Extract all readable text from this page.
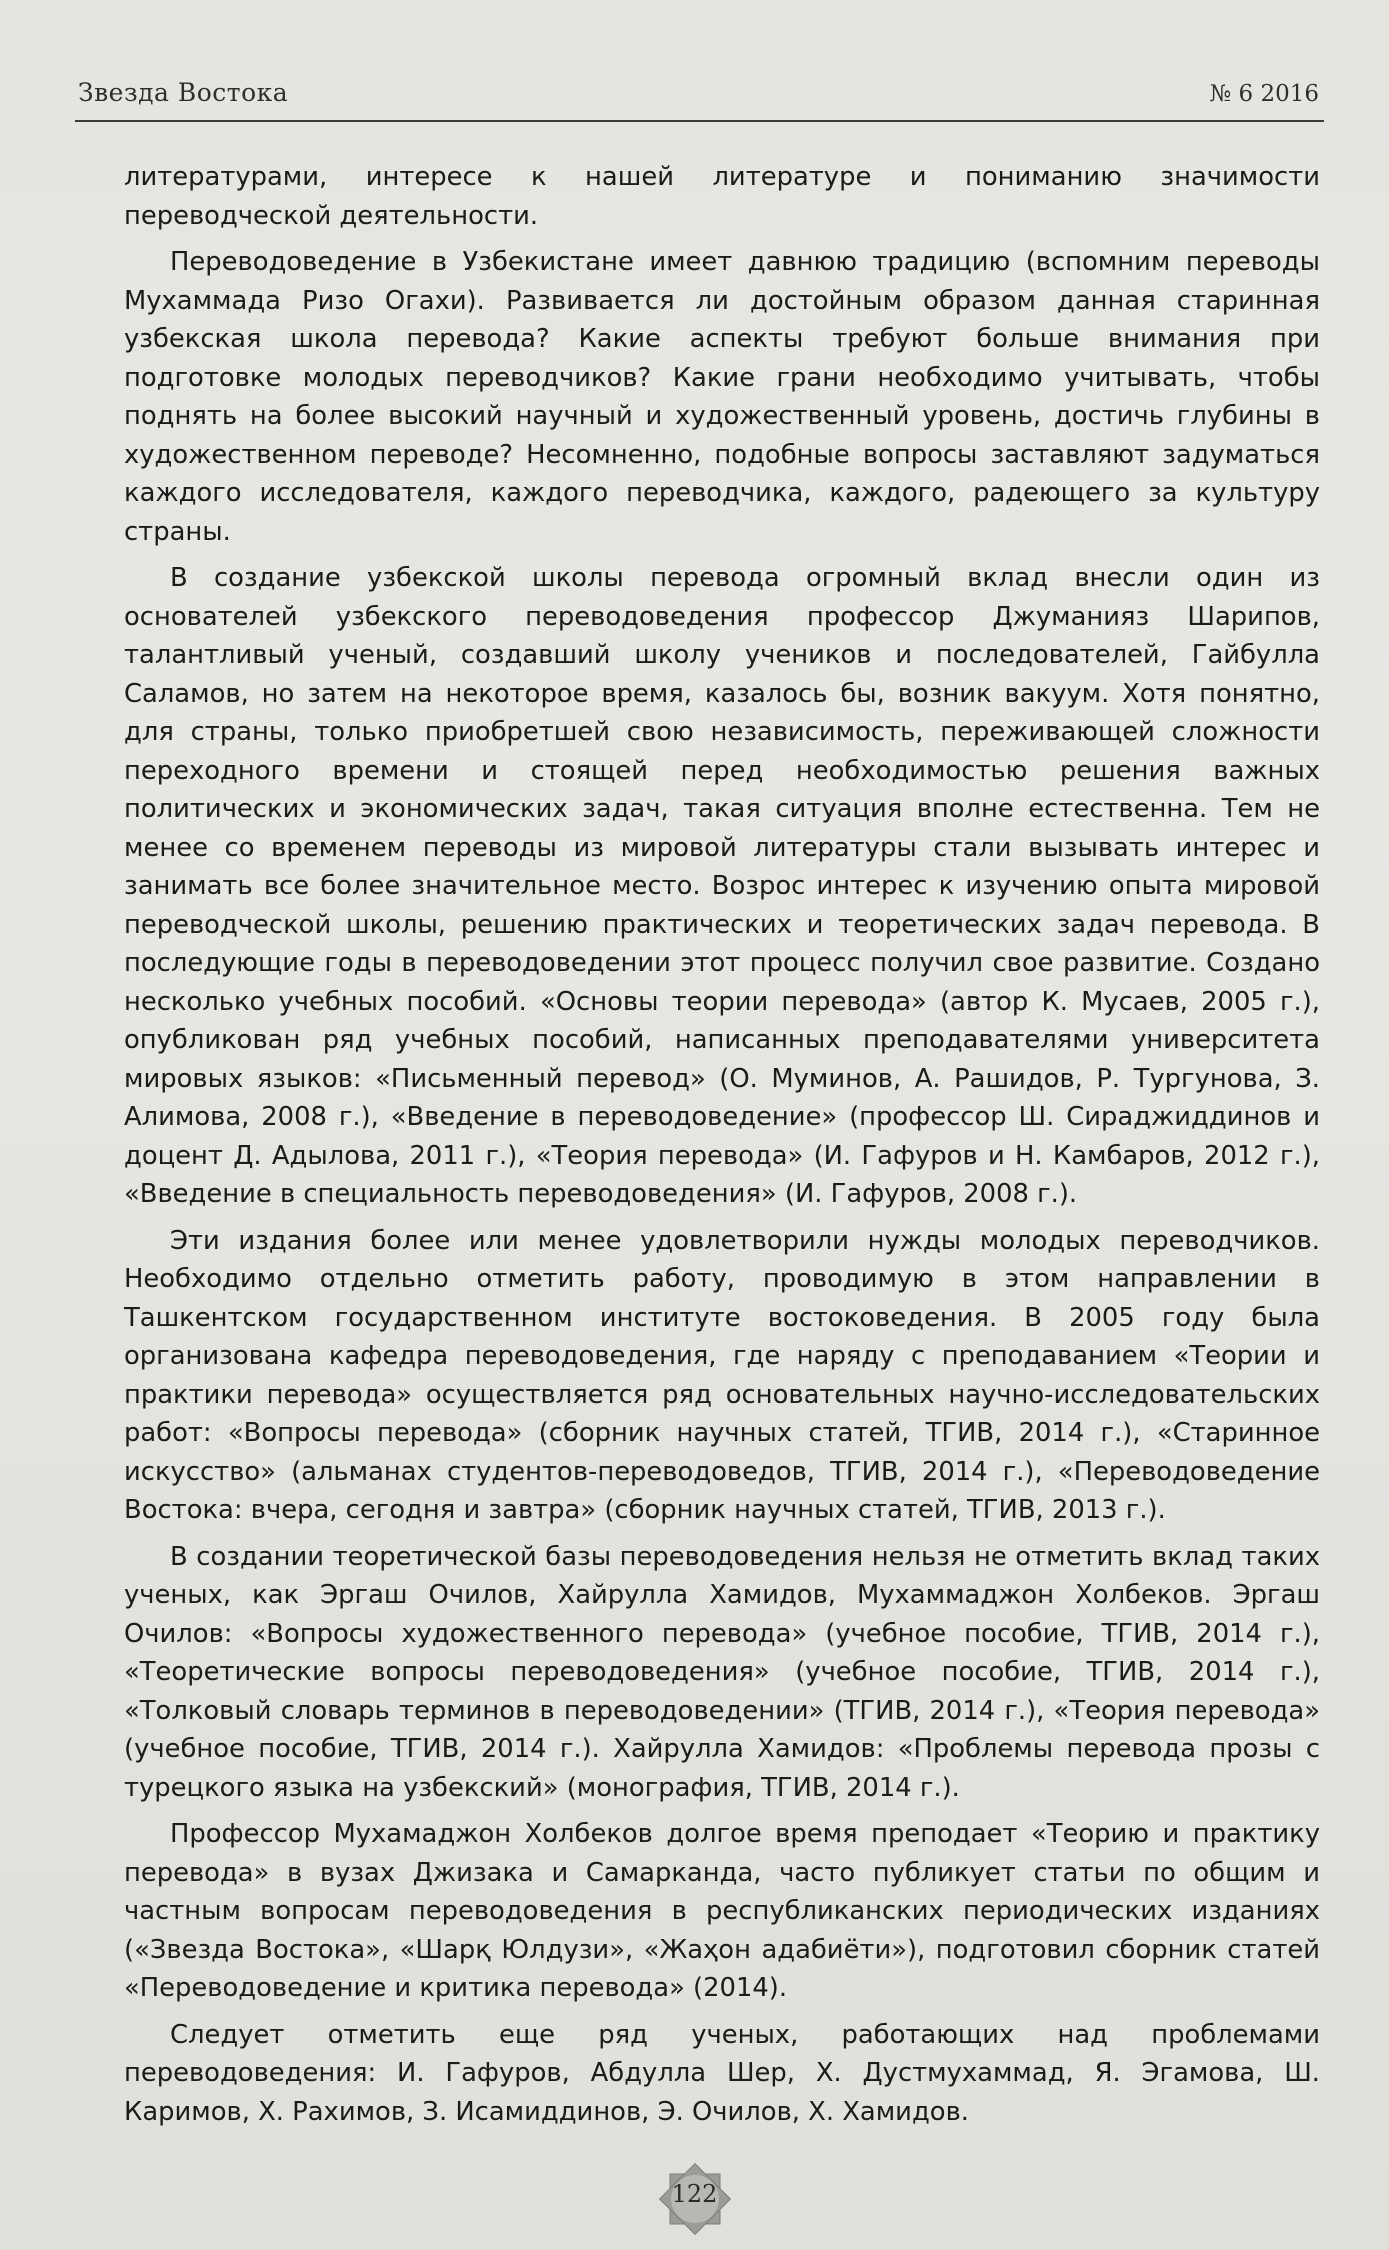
Звезда Востока	№ 6 2016

литературами, интересе к нашей литературе и пониманию значимости переводческой деятельности.

Переводоведение в Узбекистане имеет давнюю традицию (вспомним переводы Мухаммада Ризо Огахи). Развивается ли достойным образом данная старинная узбекская школа перевода? Какие аспекты требуют больше внимания при подготовке молодых переводчиков? Какие грани необходимо учитывать, чтобы поднять на более высокий научный и художественный уровень, достичь глубины в художественном переводе? Несомненно, подобные вопросы заставляют задуматься каждого исследователя, каждого переводчика, каждого, радеющего за культуру страны.

В создание узбекской школы перевода огромный вклад внесли один из основателей узбекского переводоведения профессор Джуманияз Шарипов, талантливый ученый, создавший школу учеников и последователей, Гайбулла Саламов, но затем на некоторое время, казалось бы, возник вакуум. Хотя понятно, для страны, только приобретшей свою независимость, переживающей сложности переходного времени и стоящей перед необходимостью решения важных политических и экономических задач, такая ситуация вполне естественна. Тем не менее со временем переводы из мировой литературы стали вызывать интерес и занимать все более значительное место. Возрос интерес к изучению опыта мировой переводческой школы, решению практических и теоретических задач перевода. В последующие годы в переводоведении этот процесс получил свое развитие. Создано несколько учебных пособий. «Основы теории перевода» (автор К. Мусаев, 2005 г.), опубликован ряд учебных пособий, написанных преподавателями университета мировых языков: «Письменный перевод» (О. Муминов, А. Рашидов, Р. Тургунова, З. Алимова, 2008 г.), «Введение в переводоведение» (профессор Ш. Сираджиддинов и доцент Д. Адылова, 2011 г.), «Теория перевода» (И. Гафуров и Н. Камбаров, 2012 г.), «Введение в специальность переводоведения» (И. Гафуров, 2008 г.).

Эти издания более или менее удовлетворили нужды молодых переводчиков. Необходимо отдельно отметить работу, проводимую в этом направлении в Ташкентском государственном институте востоковедения. В 2005 году была организована кафедра переводоведения, где наряду с преподаванием «Теории и практики перевода» осуществляется ряд основательных научно-исследовательских работ: «Вопросы перевода» (сборник научных статей, ТГИВ, 2014 г.), «Старинное искусство» (альманах студентов-переводоведов, ТГИВ, 2014 г.), «Переводоведение Востока: вчера, сегодня и завтра» (сборник научных статей, ТГИВ, 2013 г.).

В создании теоретической базы переводоведения нельзя не отметить вклад таких ученых, как Эргаш Очилов, Хайрулла Хамидов, Мухаммаджон Холбеков. Эргаш Очилов: «Вопросы художественного перевода» (учебное пособие, ТГИВ, 2014 г.), «Теоретические вопросы переводоведения» (учебное пособие, ТГИВ, 2014 г.), «Толковый словарь терминов в переводоведении» (ТГИВ, 2014 г.), «Теория перевода» (учебное пособие, ТГИВ, 2014 г.). Хайрулла Хамидов: «Проблемы перевода прозы с турецкого языка на узбекский» (монография, ТГИВ, 2014 г.).

Профессор Мухамаджон Холбеков долгое время преподает «Теорию и практику перевода» в вузах Джизака и Самарканда, часто публикует статьи по общим и частным вопросам переводоведения в республиканских периодических изданиях («Звезда Востока», «Шарқ Юлдузи», «Жаҳон адабиёти»), подготовил сборник статей «Переводоведение и критика перевода» (2014).

Следует отметить еще ряд ученых, работающих над проблемами переводоведения: И. Гафуров, Абдулла Шер, Х. Дустмухаммад, Я. Эгамова, Ш. Каримов, Х. Рахимов, З. Исамиддинов, Э. Очилов, Х. Хамидов.

122
